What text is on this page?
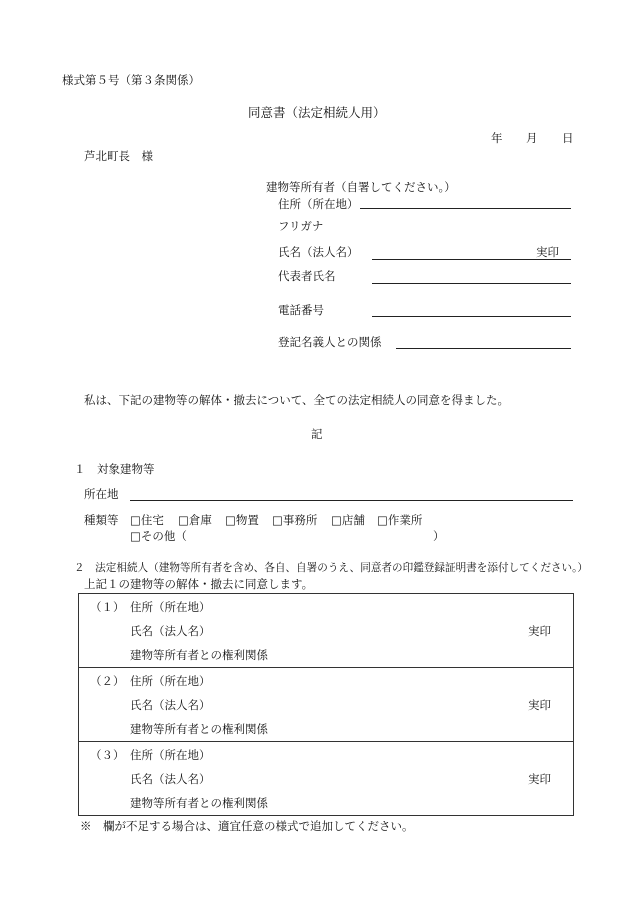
様式第５号（第３条関係）
同意書（法定相続人用）
年 月 日
芦北町長　様
建物等所有者（自署してください。）
住所（所在地）
フリガナ
氏名（法人名）	実印
代表者氏名
電話番号
登記名義人との関係
私は、下記の建物等の解体・撤去について、全ての法定相続人の同意を得ました。
記
１　対象建物等
所在地
種類等 □住宅 □倉庫 □物置 □事務所 □店舗 □作業所
□その他（	）
２　法定相続人（建物等所有者を含め、各自、自署のうえ、同意者の印鑑登録証明書を添付してください。）
上記１の建物等の解体・撤去に同意します。
（１） 住所（所在地）
氏名（法人名）	実印
建物等所有者との権利関係
（２） 住所（所在地）
氏名（法人名）	実印
建物等所有者との権利関係
（３） 住所（所在地）
氏名（法人名）	実印
建物等所有者との権利関係
※　欄が不足する場合は、適宜任意の様式で追加してください。
